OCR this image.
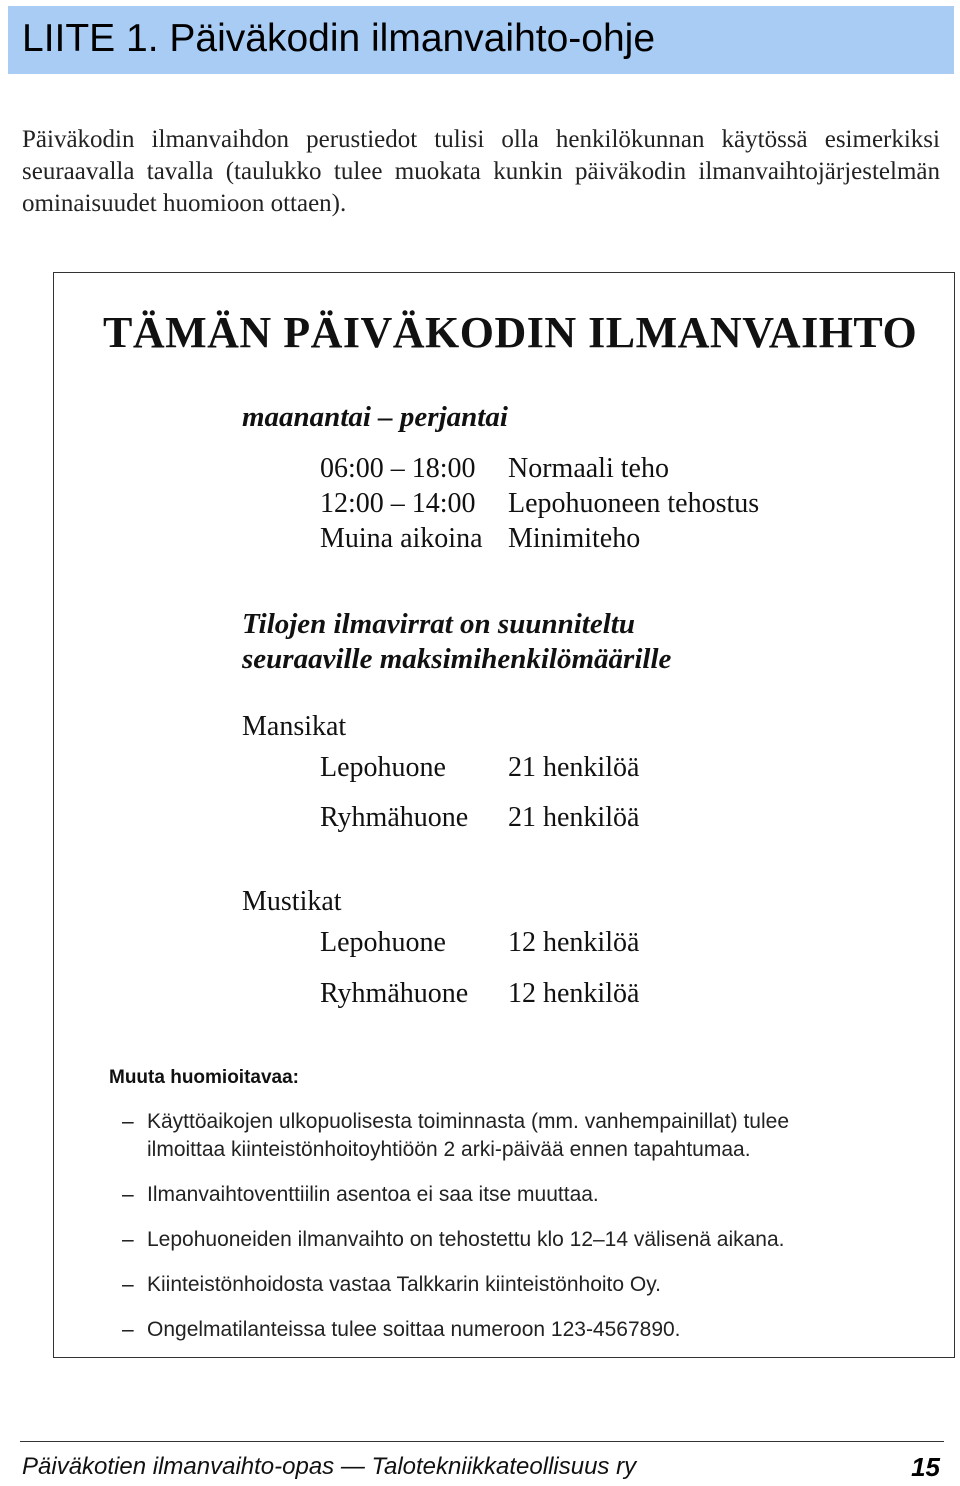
LIITE 1. Päiväkodin ilmanvaihto-ohje

Päiväkodin ilmanvaihdon perustiedot tulisi olla henkilökunnan käytössä esimerkiksi seuraavalla tavalla (taulukko tulee muokata kunkin päiväkodin ilmanvaihtojärjestelmän ominaisuudet huomioon ottaen).

TÄMÄN PÄIVÄKODIN ILMANVAIHTO

maanantai – perjantai

06:00 – 18:00 Normaali teho
12:00 – 14:00 Lepohuoneen tehostus
Muina aikoina Minimiteho

Tilojen ilmavirrat on suunniteltu

seuraaville maksimihenkilömäärille

Mansikat
Lepohuone 21 henkilöä
Ryhmähuone 21 henkilöä
Mustikat
Lepohuone 12 henkilöä
Ryhmähuone 12 henkilöä

Muuta huomioitavaa:

– Käyttöaikojen ulkopuolisesta toiminnasta (mm. vanhempainillat) tulee ilmoittaa kiinteistönhoitoyhtiöön 2 arki-päivää ennen tapahtumaa.
– Ilmanvaihtoventtiilin asentoa ei saa itse muuttaa.
– Lepohuoneiden ilmanvaihto on tehostettu klo 12–14 välisenä aikana.
– Kiinteistönhoidosta vastaa Talkkarin kiinteistönhoito Oy.
– Ongelmatilanteissa tulee soittaa numeroon 123-4567890.

Päiväkotien ilmanvaihto-opas — Talotekniikkateollisuus ry	15
